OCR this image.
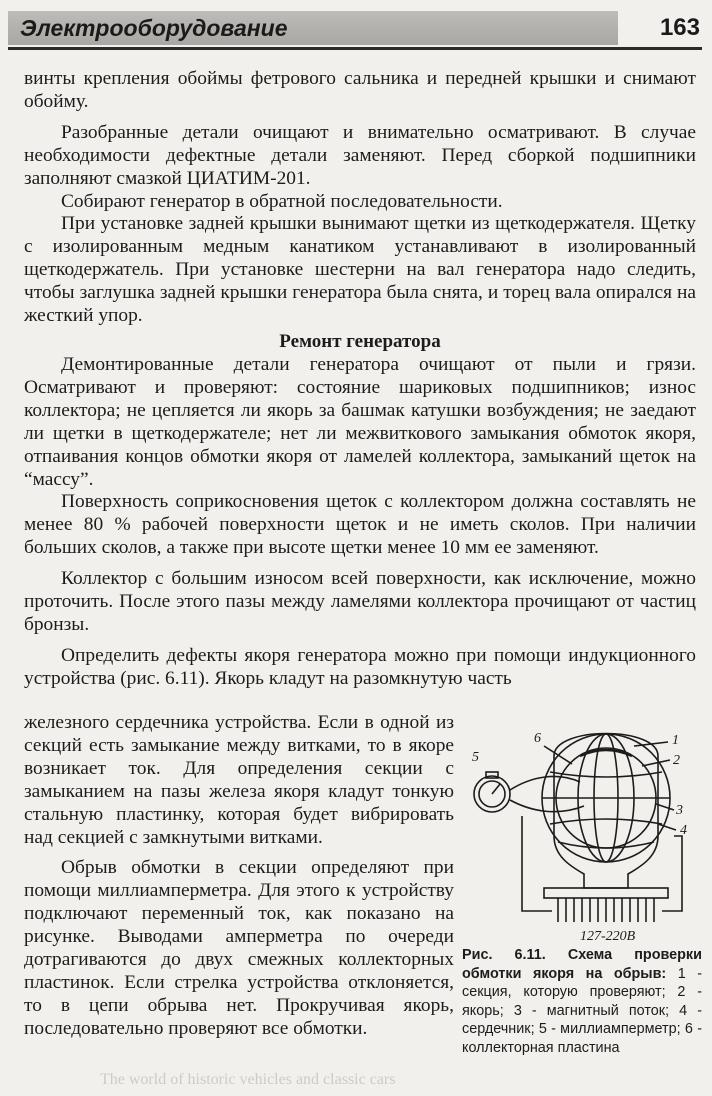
Электрооборудование	163

винты крепления обоймы фетрового сальника и передней крышки и снимают обойму.

Разобранные детали очищают и внимательно осматривают. В случае необходимости дефектные детали заменяют. Перед сборкой подшипники заполняют смазкой ЦИАТИМ-201.

Собирают генератор в обратной последовательности.

При установке задней крышки вынимают щетки из щеткодержателя. Щетку с изолированным медным канатиком устанавливают в изолированный щеткодержатель. При установке шестерни на вал генератора надо следить, чтобы заглушка задней крышки генератора была снята, и торец вала опирался на жесткий упор.

Ремонт генератора

Демонтированные детали генератора очищают от пыли и грязи. Осматривают и проверяют: состояние шариковых подшипников; износ коллектора; не цепляется ли якорь за башмак катушки возбуждения; не заедают ли щетки в щеткодержателе; нет ли межвиткового замыкания обмоток якоря, отпаивания концов обмотки якоря от ламелей коллектора, замыканий щеток на “массу”.

Поверхность соприкосновения щеток с коллектором должна составлять не менее 80 % рабочей поверхности щеток и не иметь сколов. При наличии больших сколов, а также при высоте щетки менее 10 мм ее заменяют.

Коллектор с большим износом всей поверхности, как исключение, можно проточить. После этого пазы между ламелями коллектора прочищают от частиц бронзы.

Определить дефекты якоря генератора можно при помощи индукционного устройства (рис. 6.11). Якорь кладут на разомкнутую часть

железного сердечника устройства. Если в одной из секций есть замыкание между витками, то в якоре возникает ток. Для определения секции с замыканием на пазы железа якоря кладут тонкую стальную пластинку, которая будет вибрировать над секцией с замкнутыми витками.

Обрыв обмотки в секции определяют при помощи миллиамперметра. Для этого к устройству подключают переменный ток, как показано на рисунке. Выводами амперметра по очереди дотрагиваются до двух смежных коллекторных пластинок. Если стрелка устройства отклоняется, то в цепи обрыва нет. Прокручивая якорь, последовательно проверяют все обмотки.

1
2
3
4
5
6
127-220В
Рис. 6.11. Схема проверки обмотки якоря на обрыв: 1 - секция, которую проверяют; 2 - якорь; 3 - магнитный поток; 4 - сердечник; 5 - миллиамперметр; 6 - коллекторная пластина
The world of historic vehicles and classic cars
